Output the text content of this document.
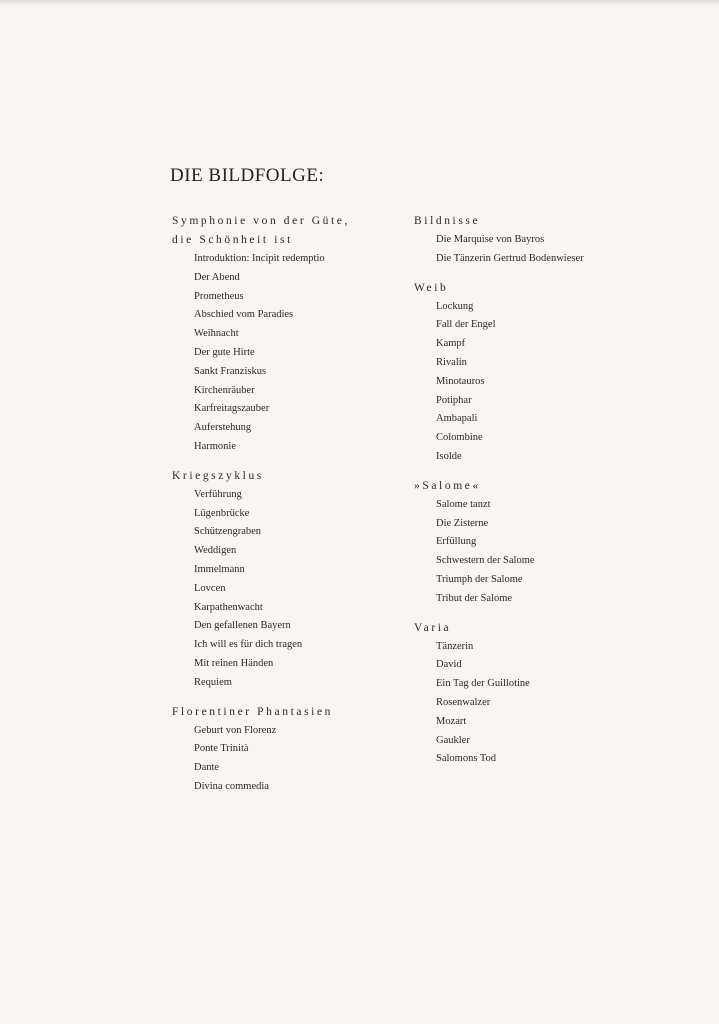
DIE BILDFOLGE:

Symphonie von der Güte,

die Schönheit ist

Introduktion: Incipit redemptio
Der Abend
Prometheus
Abschied vom Paradies
Weihnacht
Der gute Hirte
Sankt Franziskus
Kirchenräuber
Karfreitagszauber
Auferstehung
Harmonie

Kriegszyklus

Verführung
Lügenbrücke
Schützengraben
Weddigen
Immelmann
Lovcen
Karpathenwacht
Den gefallenen Bayern
Ich will es für dich tragen
Mit reinen Händen
Requiem

Florentiner Phantasien

Geburt von Florenz
Ponte Trinità
Dante
Divina commedia

Bildnisse

Die Marquise von Bayros
Die Tänzerin Gertrud Bodenwieser

Weib

Lockung
Fall der Engel
Kampf
Rivalin
Minotauros
Potiphar
Ambapali
Colombine
Isolde

»Salome«

Salome tanzt
Die Zisterne
Erfüllung
Schwestern der Salome
Triumph der Salome
Tribut der Salome

Varia

Tänzerin
David
Ein Tag der Guillotine
Rosenwalzer
Mozart
Gaukler
Salomons Tod
